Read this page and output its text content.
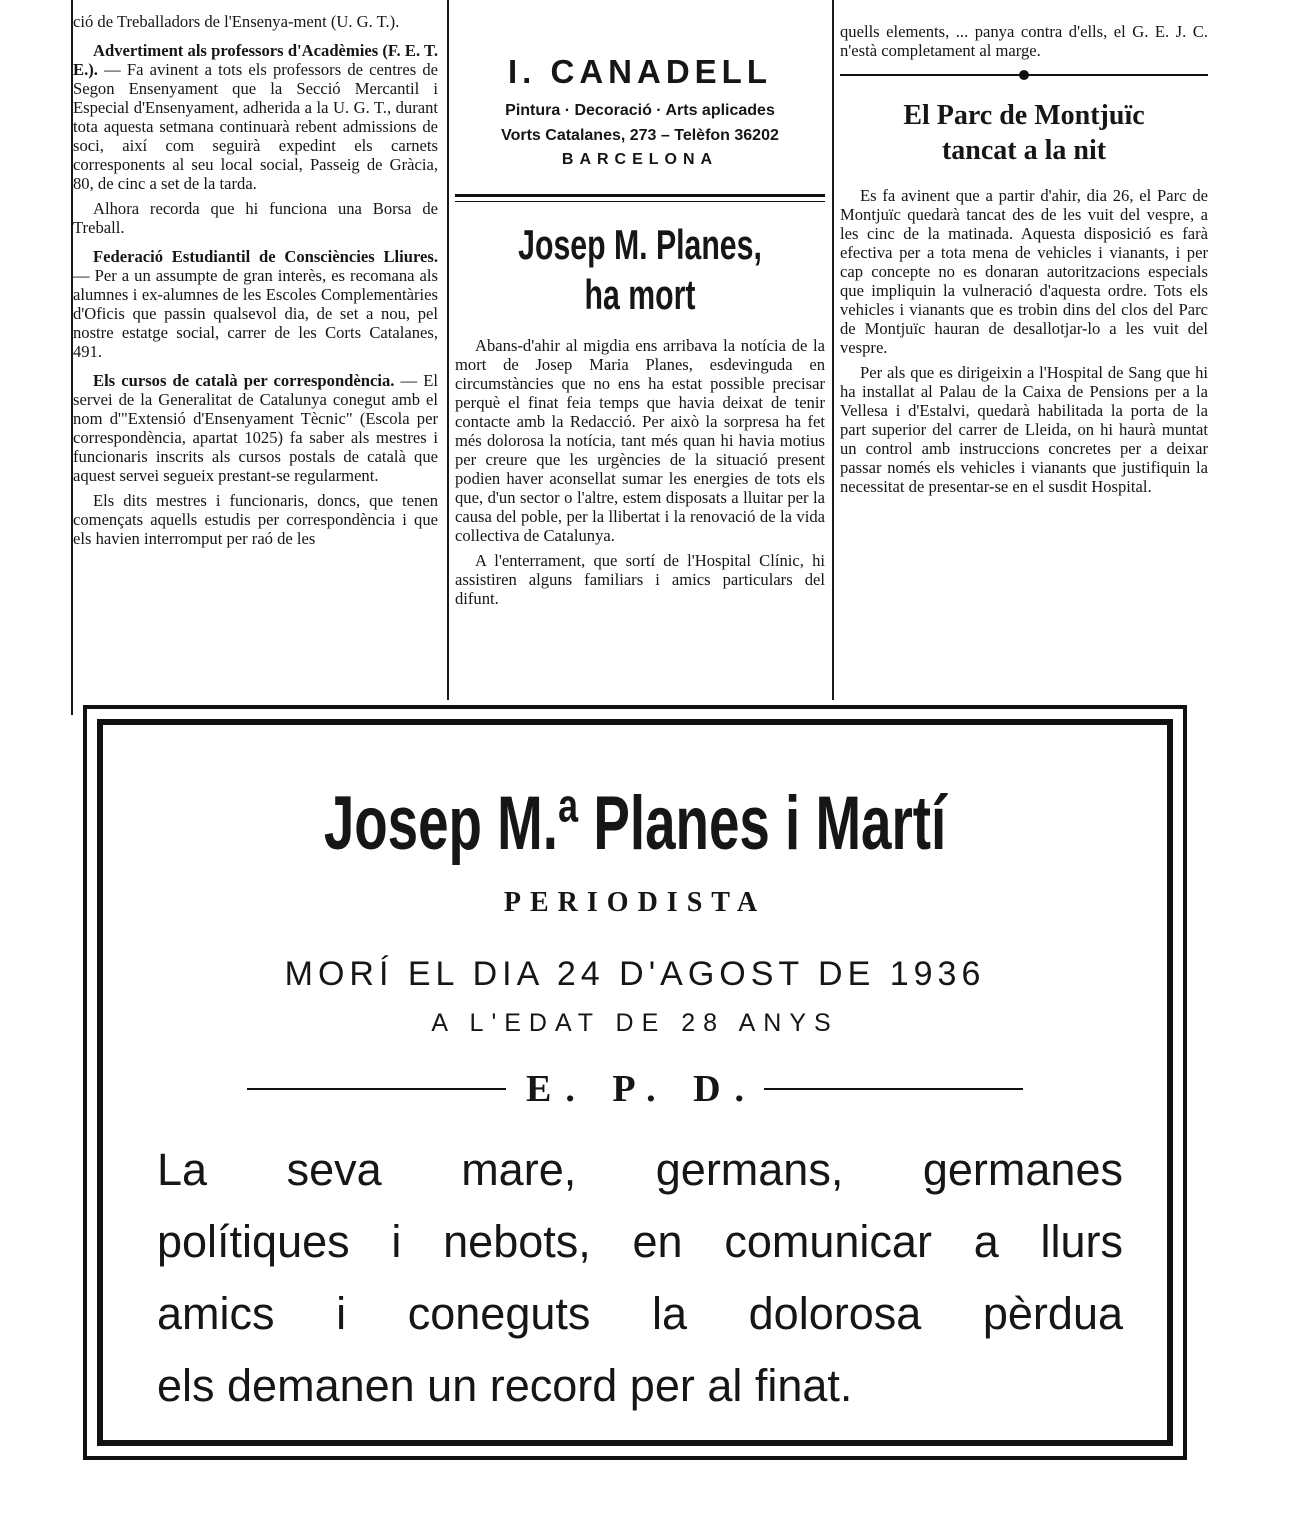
ció de Treballadors de l'Ensenya-ment (U. G. T.).

Advertiment als professors d'Acadèmies (F. E. T. E.). — Fa avinent a tots els professors de centres de Segon Ensenyament que la Secció Mercantil i Especial d'Ensenyament, adherida a la U. G. T., durant tota aquesta setmana continuarà rebent admissions de soci, així com seguirà expedint els carnets corresponents al seu local social, Passeig de Gràcia, 80, de cinc a set de la tarda.

Alhora recorda que hi funciona una Borsa de Treball.

Federació Estudiantil de Consciències Lliures. — Per a un assumpte de gran interès, es recomana als alumnes i ex-alumnes de les Escoles Complementàries d'Oficis que passin qualsevol dia, de set a nou, pel nostre estatge social, carrer de les Corts Catalanes, 491.

Els cursos de català per correspondència. — El servei de la Generalitat de Catalunya conegut amb el nom d'"Extensió d'Ensenyament Tècnic" (Escola per correspondència, apartat 1025) fa saber als mestres i funcionaris inscrits als cursos postals de català que aquest servei segueix prestant-se regularment.

Els dits mestres i funcionaris, doncs, que tenen començats aquells estudis per correspondència i que els havien interromput per raó de les

I. CANADELL
Pintura · Decoració · Arts aplicades
Vorts Catalanes, 273 – Telèfon 36202
BARCELONA
Josep M. Planes,
ha mort

Abans-d'ahir al migdia ens arribava la notícia de la mort de Josep Maria Planes, esdevinguda en circumstàncies que no ens ha estat possible precisar perquè el finat feia temps que havia deixat de tenir contacte amb la Redacció. Per això la sorpresa ha fet més dolorosa la notícia, tant més quan hi havia motius per creure que les urgències de la situació present podien haver aconsellat sumar les energies de tots els que, d'un sector o l'altre, estem disposats a lluitar per la causa del poble, per la llibertat i la renovació de la vida collectiva de Catalunya.

A l'enterrament, que sortí de l'Hospital Clínic, hi assistiren alguns familiars i amics particulars del difunt.

quells elements, ... panya contra d'ells, el G. E. J. C. n'està completament al marge.

El Parc de Montjuïc
tancat a la nit

Es fa avinent que a partir d'ahir, dia 26, el Parc de Montjuïc quedarà tancat des de les vuit del vespre, a les cinc de la matinada. Aquesta disposició es farà efectiva per a tota mena de vehicles i vianants, i per cap concepte no es donaran autoritzacions especials que impliquin la vulneració d'aquesta ordre. Tots els vehicles i vianants que es trobin dins del clos del Parc de Montjuïc hauran de desallotjar-lo a les vuit del vespre.

Per als que es dirigeixin a l'Hospital de Sang que hi ha installat al Palau de la Caixa de Pensions per a la Vellesa i d'Estalvi, quedarà habilitada la porta de la part superior del carrer de Lleida, on hi haurà muntat un control amb instruccions concretes per a deixar passar només els vehicles i vianants que justifiquin la necessitat de presentar-se en el susdit Hospital.

Josep M.ª Planes i Martí
PERIODISTA
MORÍ EL DIA 24 D'AGOST DE 1936
A L'EDAT DE 28 ANYS
E. P. D.
La seva mare, germans, germanes
polítiques i nebots, en comunicar a llurs
amics i coneguts la dolorosa pèrdua
els demanen un record per al finat.
